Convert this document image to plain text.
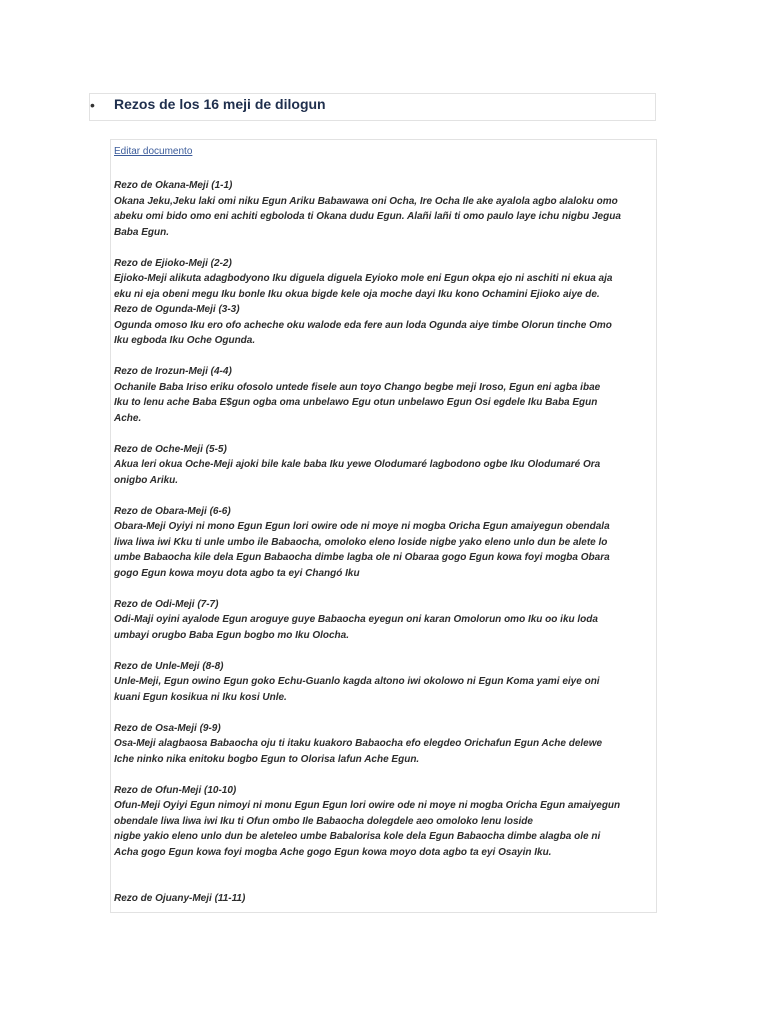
• Rezos de los 16 meji de dilogun
Editar documento
Rezo de Okana-Meji (1-1)
Okana Jeku,Jeku laki omi niku Egun Ariku Babawawa oni Ocha, Ire Ocha Ile ake ayalola agbo alaloku omo
abeku omi bido omo eni achiti egboloda ti Okana dudu Egun. Alañi lañi ti omo paulo laye ichu nigbu Jegua
Baba Egun.
Rezo de Ejioko-Meji (2-2)
Ejioko-Meji alikuta adagbodyono Iku diguela diguela Eyioko mole eni Egun okpa ejo ni aschiti ni ekua aja
eku ni eja obeni megu Iku bonle Iku okua bigde kele oja moche dayi Iku kono Ochamini Ejioko aiye de.
Rezo de Ogunda-Meji (3-3)
Ogunda omoso Iku ero ofo acheche oku walode eda fere aun loda Ogunda aiye timbe Olorun tinche Omo
Iku egboda Iku Oche Ogunda.
Rezo de Irozun-Meji (4-4)
Ochanile Baba Iriso eriku ofosolo untede fisele aun toyo Chango begbe meji Iroso, Egun eni agba ibae
Iku to lenu ache Baba E$gun ogba oma unbelawo Egu otun unbelawo Egun Osi egdele Iku Baba Egun
Ache.
Rezo de Oche-Meji (5-5)
Akua leri okua Oche-Meji ajoki bile kale baba Iku yewe Olodumaré lagbodono ogbe Iku Olodumaré Ora
onigbo Ariku.
Rezo de Obara-Meji (6-6)
Obara-Meji Oyiyi ni mono Egun Egun lori owire ode ni moye ni mogba Oricha Egun amaiyegun obendala
liwa liwa iwi Kku ti unle umbo ile Babaocha, omoloko eleno loside nigbe yako eleno unlo dun be alete lo
umbe Babaocha kile dela Egun Babaocha dimbe lagba ole ni Obaraa gogo Egun kowa foyi mogba Obara
gogo Egun kowa moyu dota agbo ta eyi Changó Iku
Rezo de Odi-Meji (7-7)
Odi-Maji oyini ayalode Egun aroguye guye Babaocha eyegun oni karan Omolorun omo Iku oo iku loda
umbayi orugbo Baba Egun bogbo mo Iku Olocha.
Rezo de Unle-Meji (8-8)
Unle-Meji, Egun owino Egun goko Echu-Guanlo kagda altono iwi okolowo ni Egun Koma yami eiye oni
kuani Egun kosikua ni Iku kosi Unle.
Rezo de Osa-Meji (9-9)
Osa-Meji alagbaosa Babaocha oju ti itaku kuakoro Babaocha efo elegdeo Orichafun Egun Ache delewe
Iche ninko nika enitoku bogbo Egun to Olorisa lafun Ache Egun.
Rezo de Ofun-Meji (10-10)
Ofun-Meji Oyiyi Egun nimoyi ni monu Egun Egun lori owire ode ni moye ni mogba Oricha Egun amaiyegun
obendale liwa liwa iwi Iku ti Ofun ombo Ile Babaocha dolegdele aeo omoloko lenu loside
nigbe yakio eleno unlo dun be aleteleo umbe Babalorisa kole dela Egun Babaocha dimbe alagba ole ni
Acha gogo Egun kowa foyi mogba Ache gogo Egun kowa moyo dota agbo ta eyi Osayin Iku.
Rezo de Ojuany-Meji (11-11)
